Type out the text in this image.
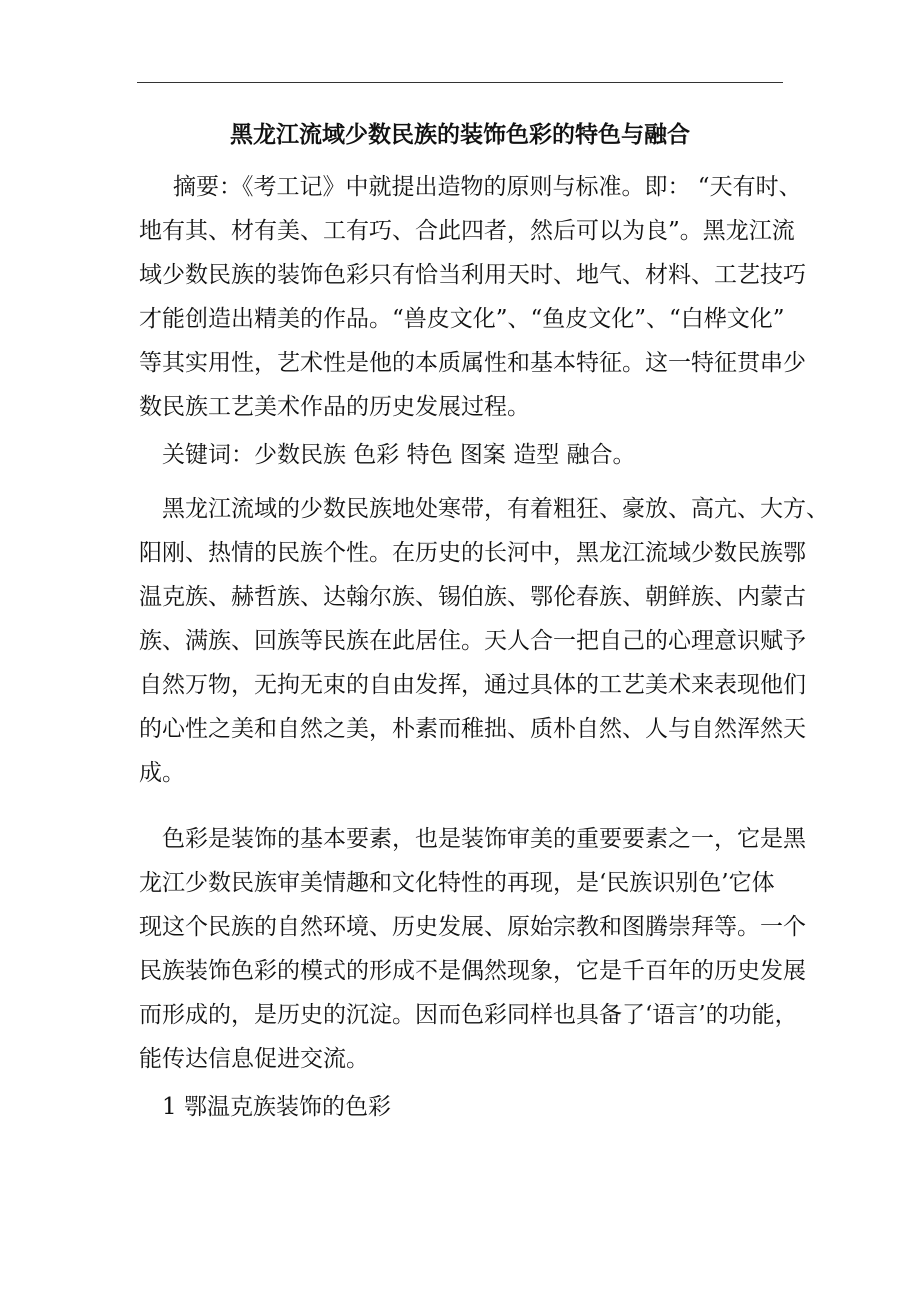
黑龙江流域少数民族的装饰色彩的特色与融合
摘要：《考工记》中就提出造物的原则与标准。即： “天有时、
地有其、材有美、工有巧、合此四者，然后可以为良”。黑龙江流
域少数民族的装饰色彩只有恰当利用天时、地气、材料、工艺技巧
才能创造出精美的作品。“兽皮文化”、“鱼皮文化”、“白桦文化”
等其实用性，艺术性是他的本质属性和基本特征。这一特征贯串少
数民族工艺美术作品的历史发展过程。
关键词：少数民族 色彩 特色 图案 造型 融合。
黑龙江流域的少数民族地处寒带，有着粗狂、豪放、高亢、大方、
阳刚、热情的民族个性。在历史的长河中，黑龙江流域少数民族鄂
温克族、赫哲族、达翰尔族、锡伯族、鄂伦春族、朝鲜族、内蒙古
族、满族、回族等民族在此居住。天人合一把自己的心理意识赋予
自然万物，无拘无束的自由发挥，通过具体的工艺美术来表现他们
的心性之美和自然之美，朴素而稚拙、质朴自然、人与自然浑然天
成。
色彩是装饰的基本要素，也是装饰审美的重要要素之一，它是黑
龙江少数民族审美情趣和文化特性的再现，是‘民族识别色’它体
现这个民族的自然环境、历史发展、原始宗教和图腾崇拜等。一个
民族装饰色彩的模式的形成不是偶然现象，它是千百年的历史发展
而形成的，是历史的沉淀。因而色彩同样也具备了‘语言’的功能，
能传达信息促进交流。
1 鄂温克族装饰的色彩
